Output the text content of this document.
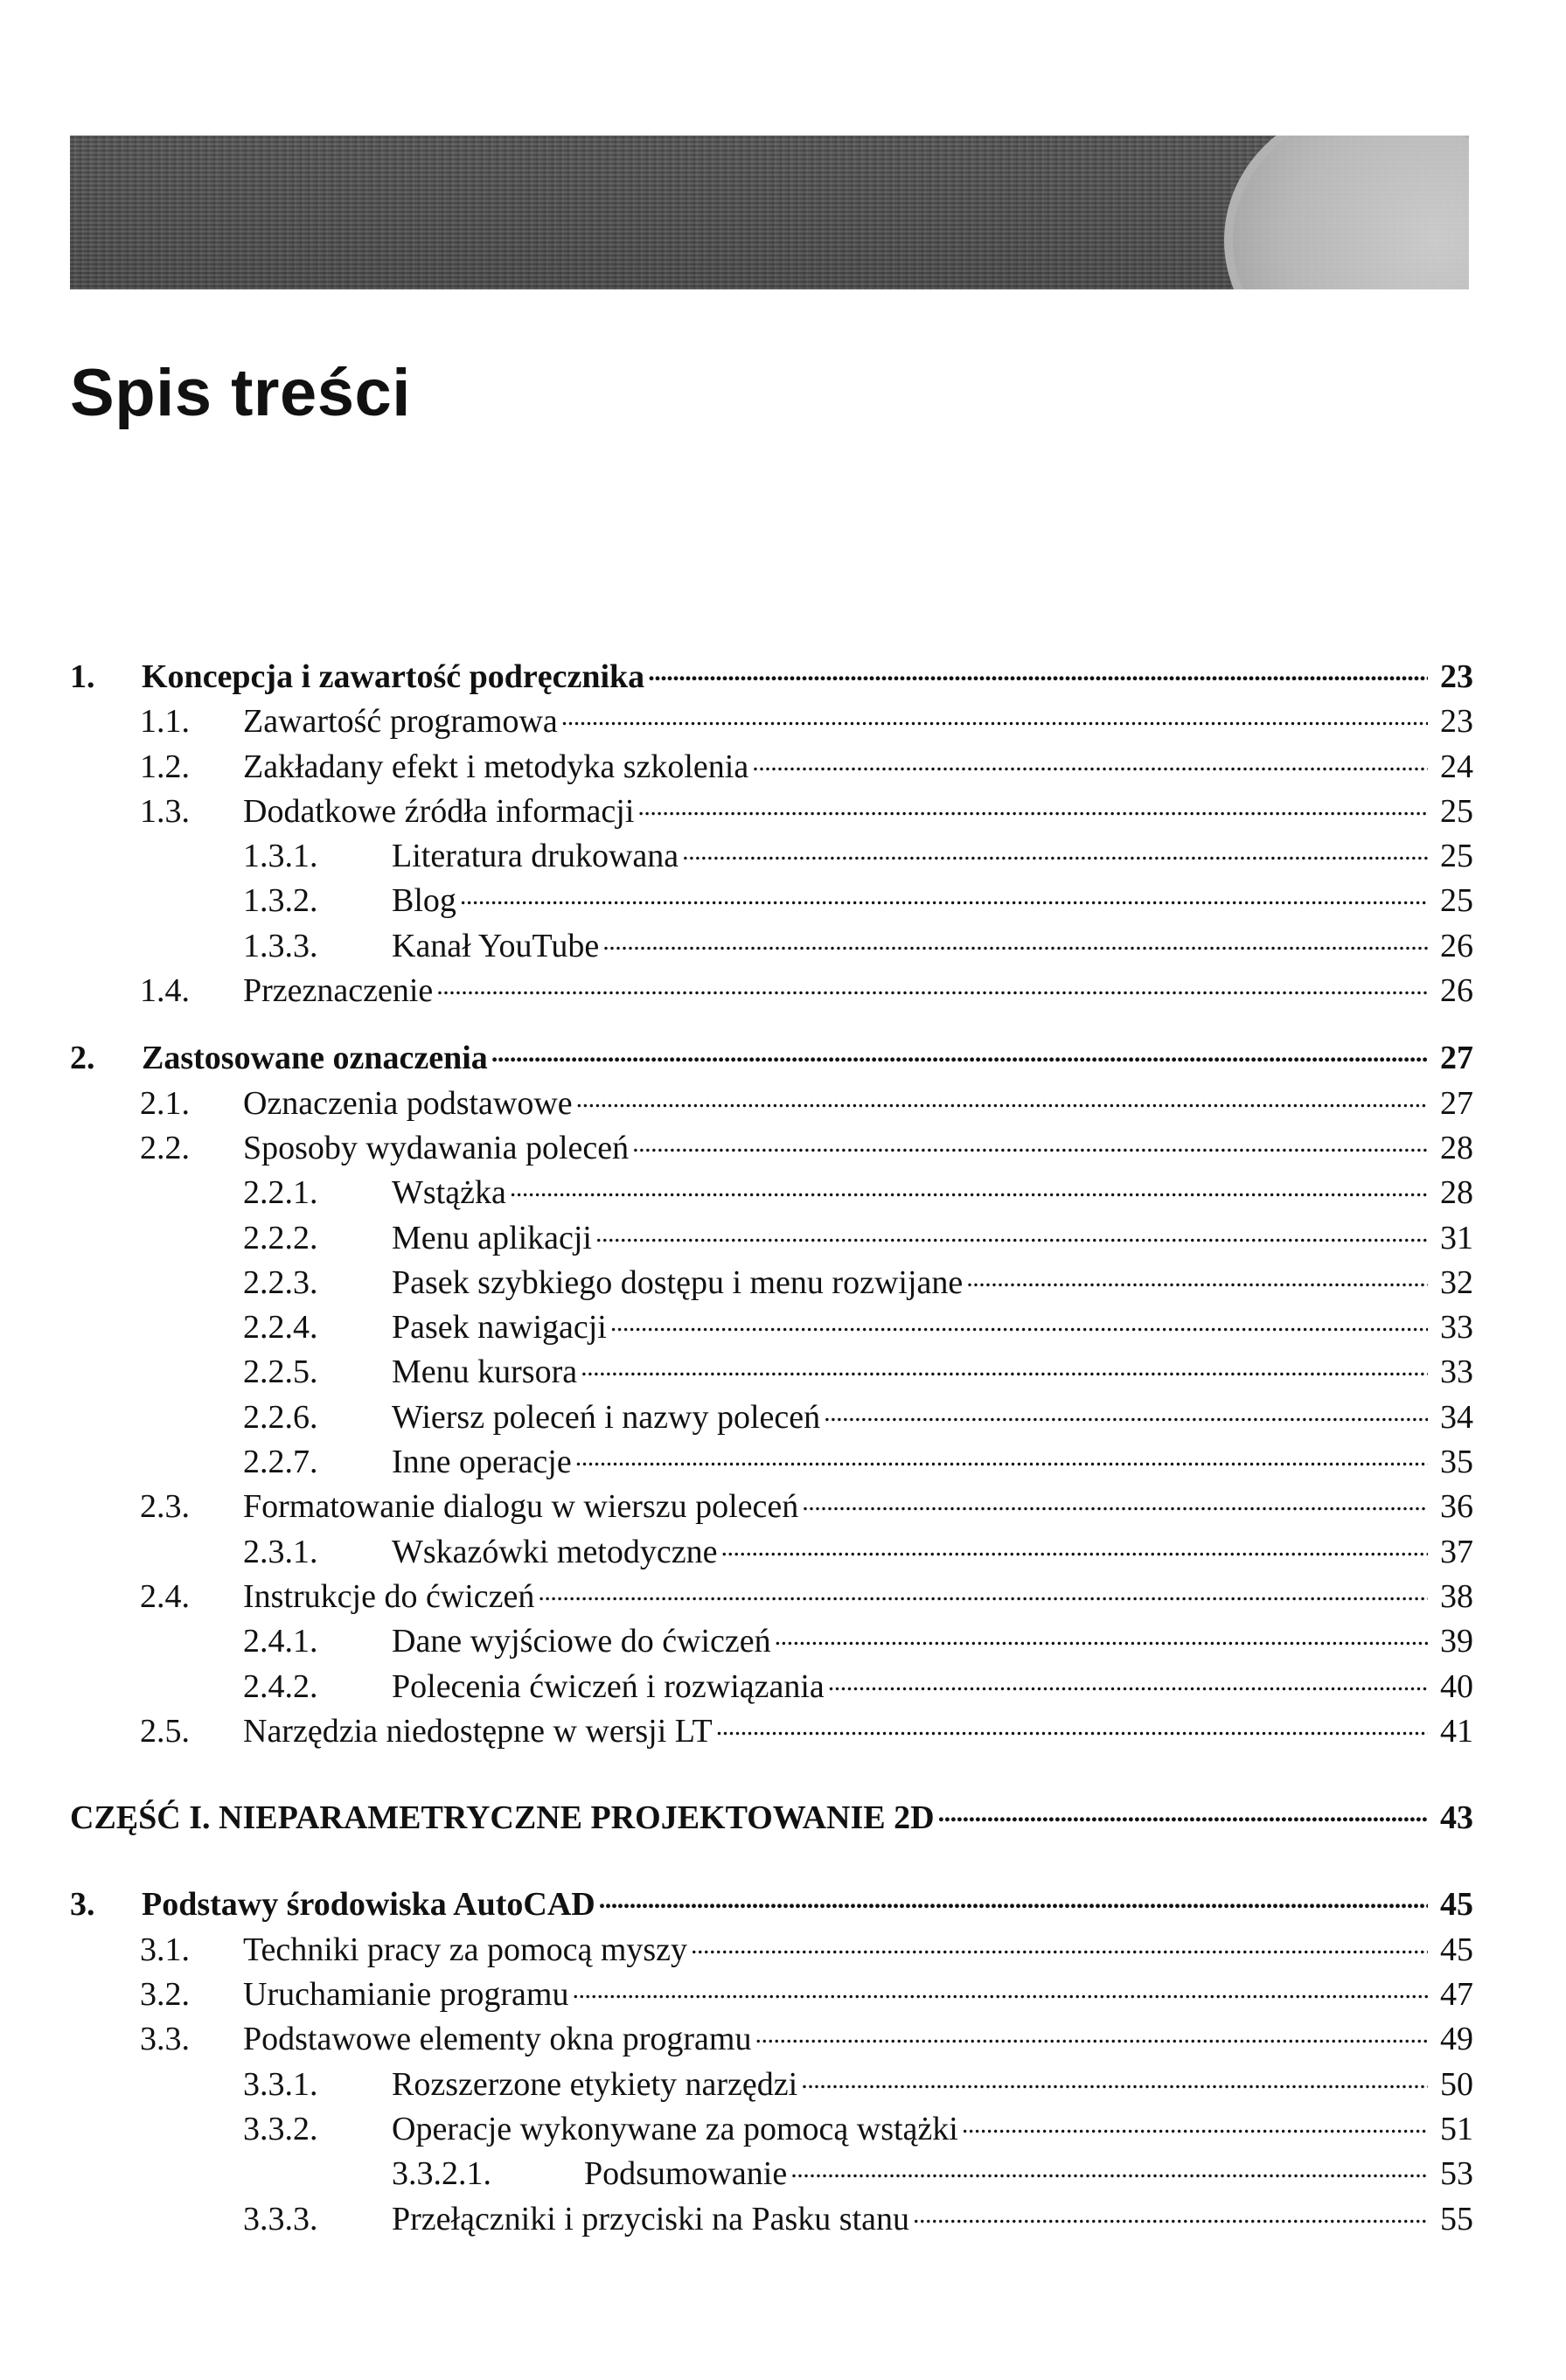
Spis treści
1.	Koncepcja i zawartość podręcznika . . .	23
1.1.	Zawartość programowa . . .	23
1.2.	Zakładany efekt i metodyka szkolenia . . .	24
1.3.	Dodatkowe źródła informacji . . .	25
1.3.1.	Literatura drukowana . . .	25
1.3.2.	Blog . . .	25
1.3.3.	Kanał YouTube . . .	26
1.4.	Przeznaczenie . . .	26
2.	Zastosowane oznaczenia . . .	27
2.1.	Oznaczenia podstawowe . . .	27
2.2.	Sposoby wydawania poleceń . . .	28
2.2.1.	Wstążka . . .	28
2.2.2.	Menu aplikacji . . .	31
2.2.3.	Pasek szybkiego dostępu i menu rozwijane . . .	32
2.2.4.	Pasek nawigacji . . .	33
2.2.5.	Menu kursora . . .	33
2.2.6.	Wiersz poleceń i nazwy poleceń . . .	34
2.2.7.	Inne operacje . . .	35
2.3.	Formatowanie dialogu w wierszu poleceń . . .	36
2.3.1.	Wskazówki metodyczne . . .	37
2.4.	Instrukcje do ćwiczeń . . .	38
2.4.1.	Dane wyjściowe do ćwiczeń . . .	39
2.4.2.	Polecenia ćwiczeń i rozwiązania . . .	40
2.5.	Narzędzia niedostępne w wersji LT . . .	41
CZĘŚĆ I. NIEPARAMETRYCZNE PROJEKTOWANIE 2D . . .	43
3.	Podstawy środowiska AutoCAD . . .	45
3.1.	Techniki pracy za pomocą myszy . . .	45
3.2.	Uruchamianie programu . . .	47
3.3.	Podstawowe elementy okna programu . . .	49
3.3.1.	Rozszerzone etykiety narzędzi . . .	50
3.3.2.	Operacje wykonywane za pomocą wstążki . . .	51
3.3.2.1.	Podsumowanie . . .	53
3.3.3.	Przełączniki i przyciski na Pasku stanu . . .	55
